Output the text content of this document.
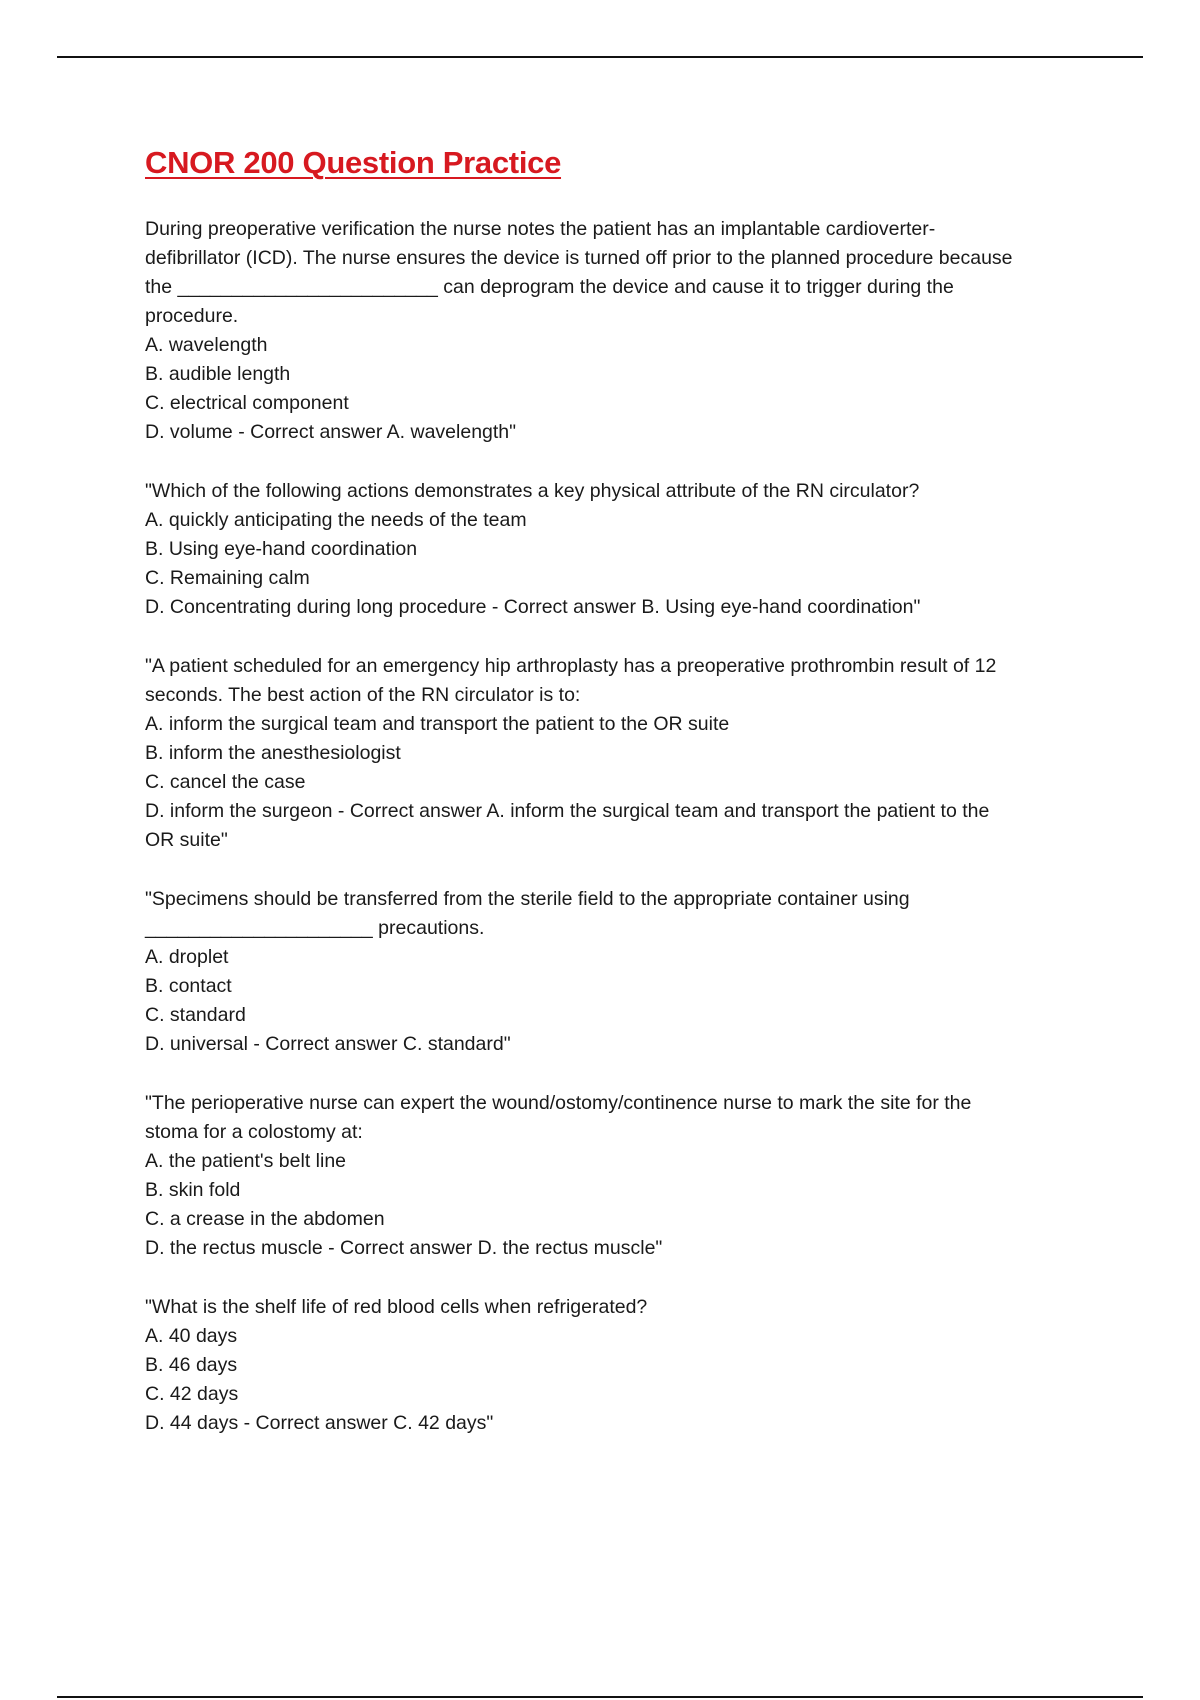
CNOR 200 Question Practice

During preoperative verification the nurse notes the patient has an implantable cardioverter-

defibrillator (ICD). The nurse ensures the device is turned off prior to the planned procedure because

the ________________________ can deprogram the device and cause it to trigger during the

procedure.

A. wavelength

B. audible length

C. electrical component

D. volume - Correct answer A. wavelength"

"Which of the following actions demonstrates a key physical attribute of the RN circulator?

A. quickly anticipating the needs of the team

B. Using eye-hand coordination

C. Remaining calm

D. Concentrating during long procedure - Correct answer B. Using eye-hand coordination"

"A patient scheduled for an emergency hip arthroplasty has a preoperative prothrombin result of 12

seconds. The best action of the RN circulator is to:

A. inform the surgical team and transport the patient to the OR suite

B. inform the anesthesiologist

C. cancel the case

D. inform the surgeon - Correct answer A. inform the surgical team and transport the patient to the

OR suite"

"Specimens should be transferred from the sterile field to the appropriate container using

_____________________ precautions.

A. droplet

B. contact

C. standard

D. universal - Correct answer C. standard"

"The perioperative nurse can expert the wound/ostomy/continence nurse to mark the site for the

stoma for a colostomy at:

A. the patient's belt line

B. skin fold

C. a crease in the abdomen

D. the rectus muscle - Correct answer D. the rectus muscle"

"What is the shelf life of red blood cells when refrigerated?

A. 40 days

B. 46 days

C. 42 days

D. 44 days - Correct answer C. 42 days"
